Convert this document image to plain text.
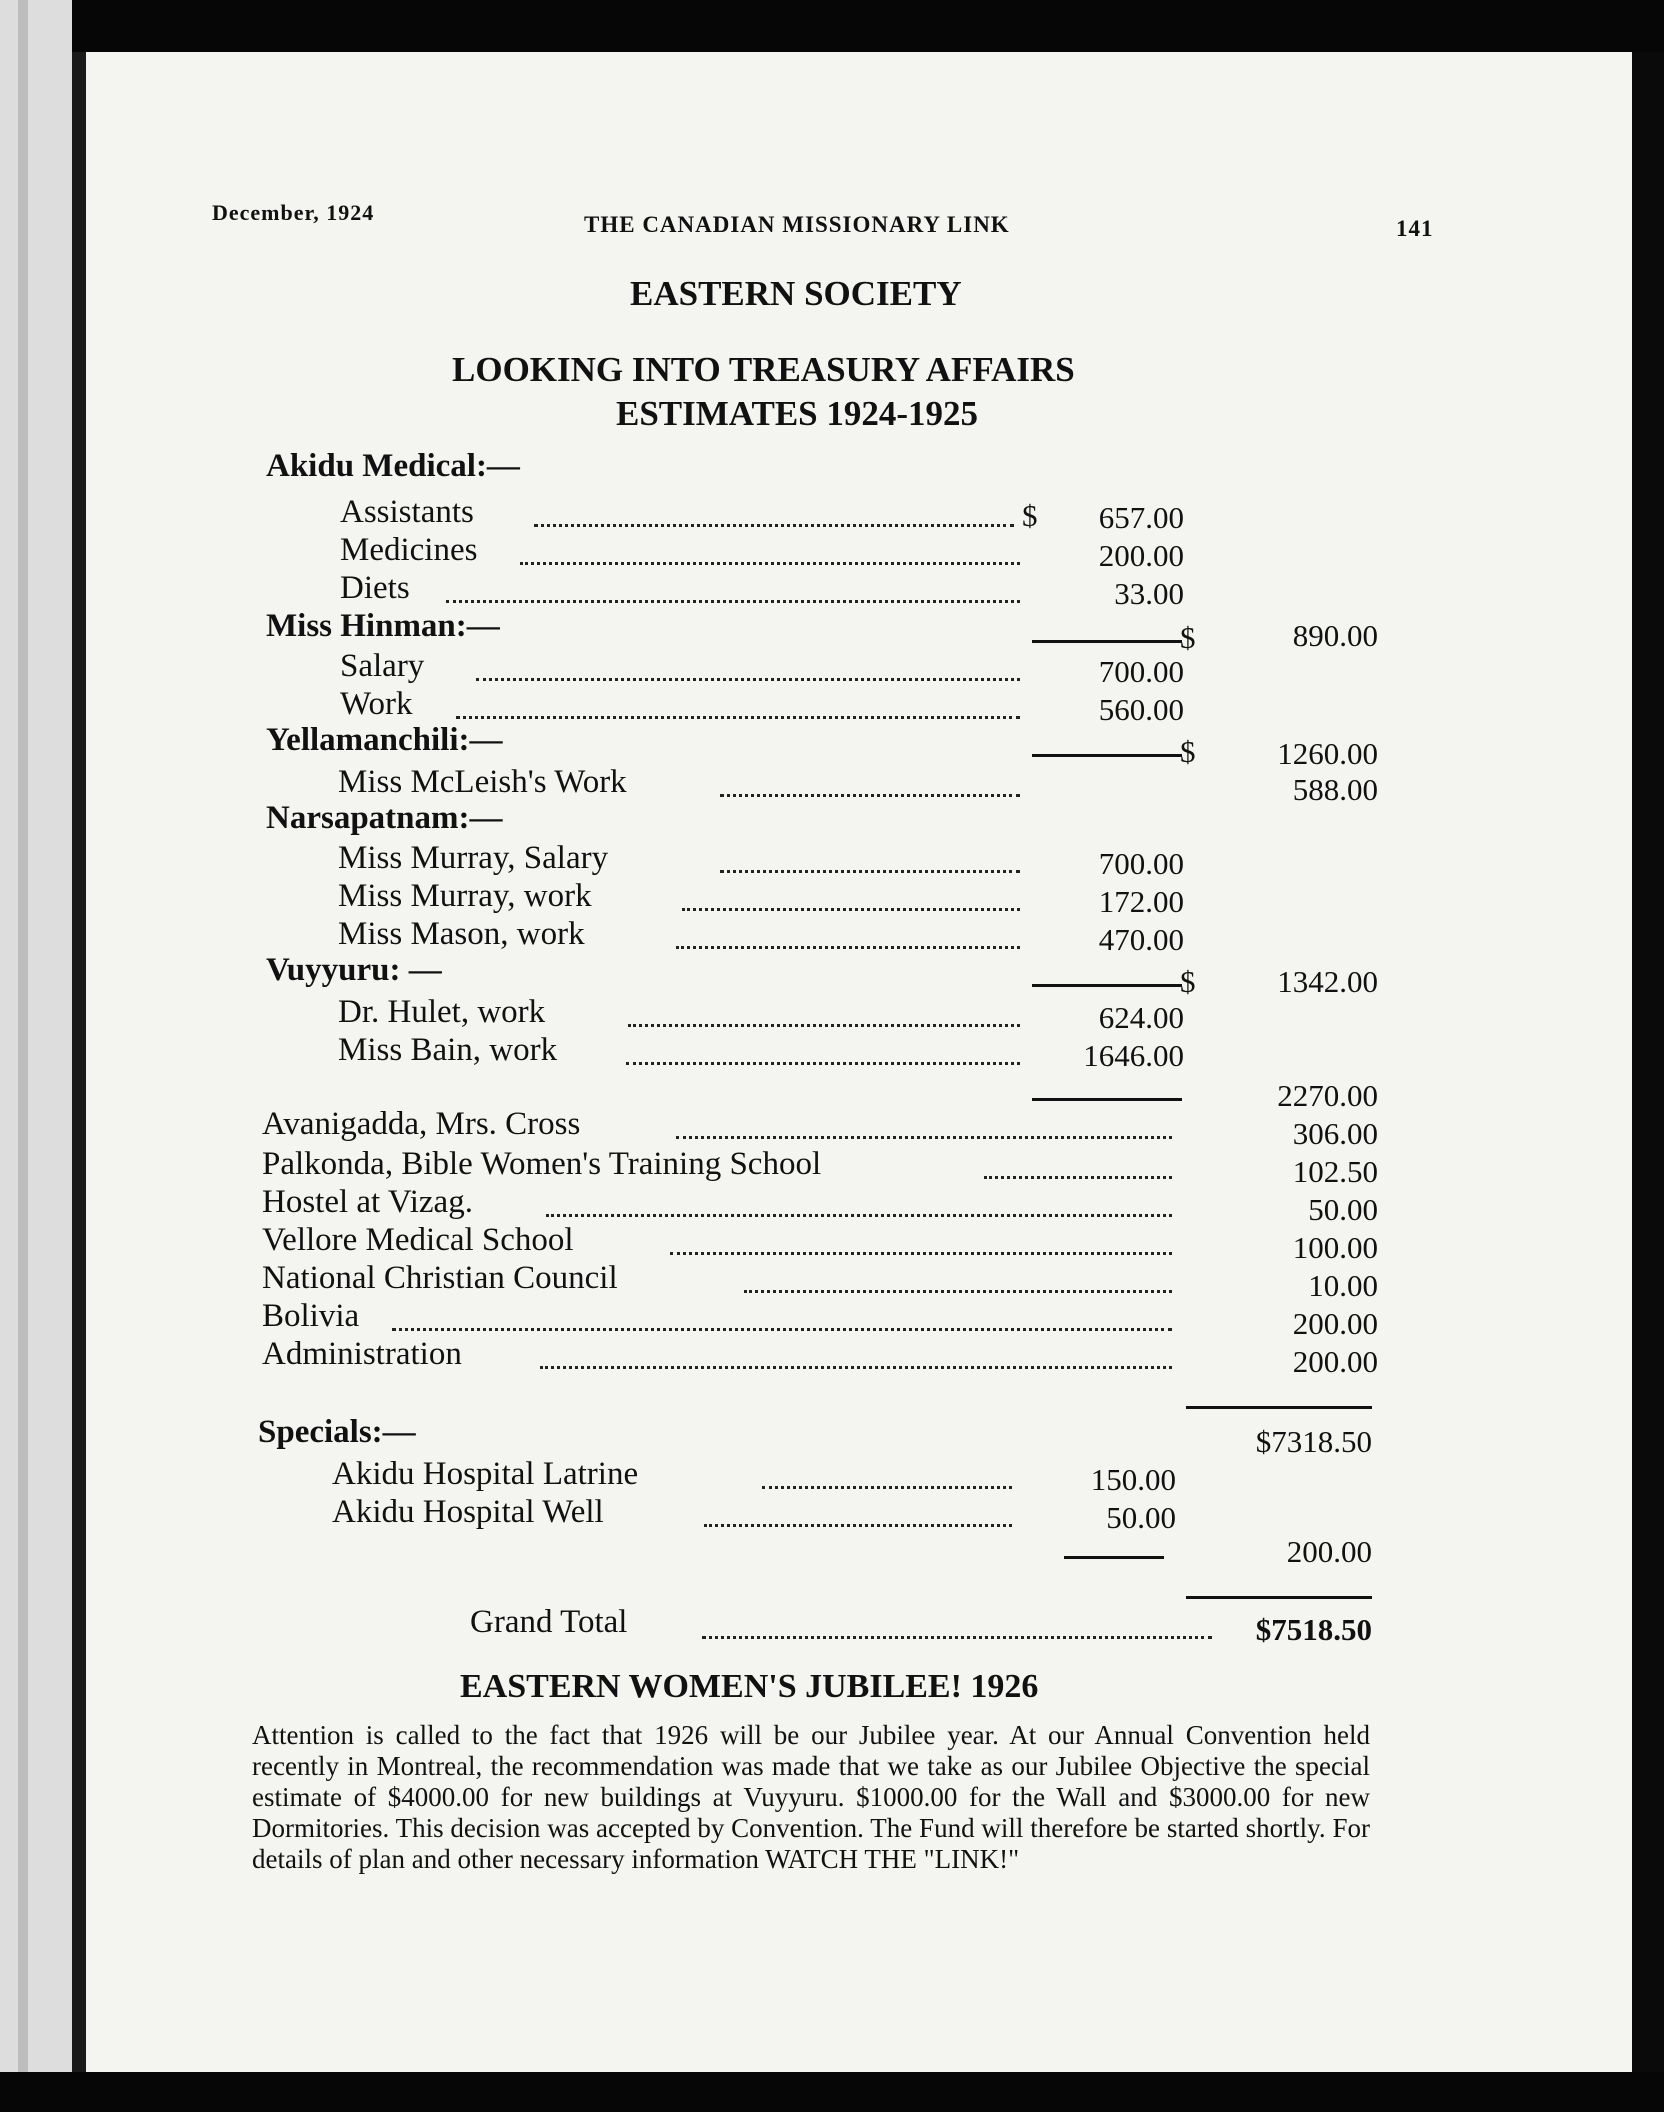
December, 1924	THE CANADIAN MISSIONARY LINK	141
EASTERN SOCIETY
LOOKING INTO TREASURY AFFAIRS
ESTIMATES 1924-1925
Akidu Medical:—
Assistants	$	657.00
Medicines	200.00
Diets	33.00
Miss Hinman:—	$	890.00
Salary	700.00
Work	560.00
Yellamanchili:—	$	1260.00
Miss McLeish's Work	588.00
Narsapatnam:—
Miss Murray, Salary	700.00
Miss Murray, work	172.00
Miss Mason, work	470.00
Vuyyuru: —	$	1342.00
Dr. Hulet, work	624.00
Miss Bain, work	1646.00
2270.00
Avanigadda, Mrs. Cross	306.00
Palkonda, Bible Women's Training School	102.50
Hostel at Vizag.	50.00
Vellore Medical School	100.00
National Christian Council	10.00
Bolivia	200.00
Administration	200.00
Specials:—	$7318.50
Akidu Hospital Latrine	150.00
Akidu Hospital Well	50.00
200.00
Grand Total	$7518.50
EASTERN WOMEN'S JUBILEE! 1926
Attention is called to the fact that 1926 will be our Jubilee year. At our Annual Convention held recently in Montreal, the recommendation was made that we take as our Jubilee Objective the special estimate of $4000.00 for new buildings at Vuyyuru. $1000.00 for the Wall and $3000.00 for new Dormitories. This decision was accepted by Convention. The Fund will therefore be started shortly. For details of plan and other necessary information WATCH THE "LINK!"
